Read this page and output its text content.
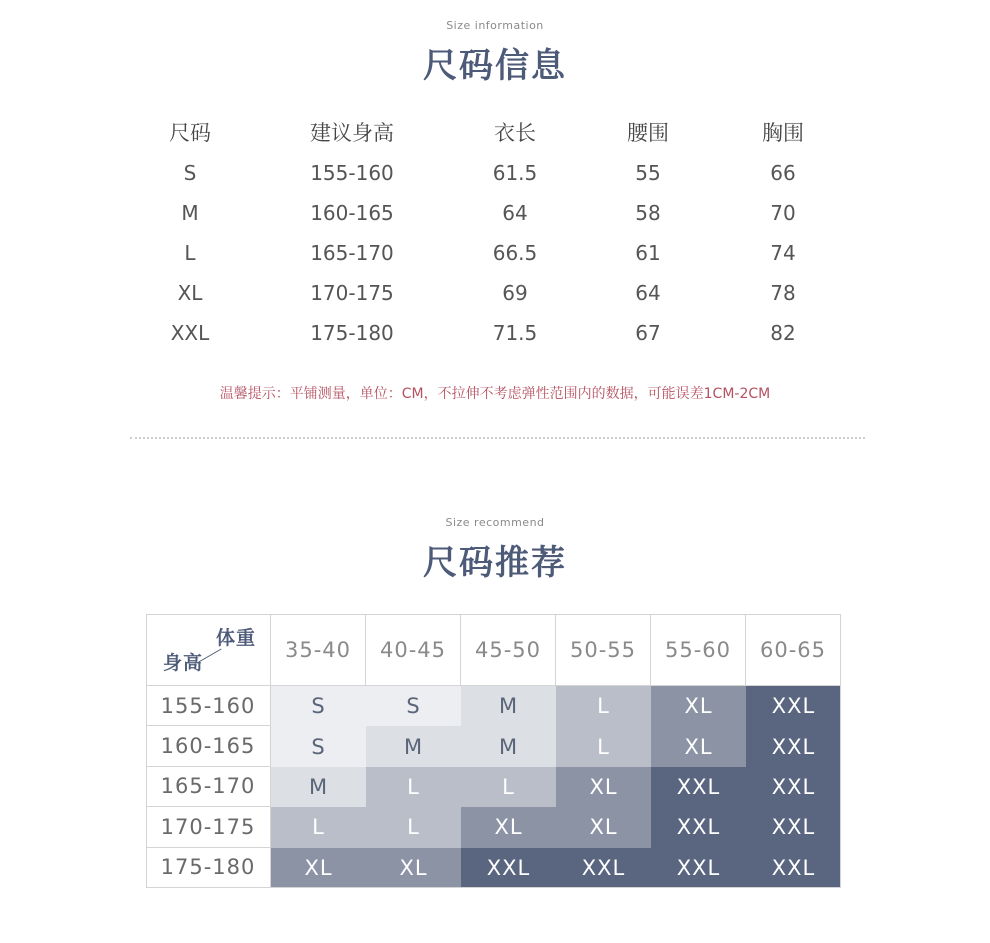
Size information
尺码信息
尺码	建议身高	衣长	腰围	胸围
S	155-160	61.5	55	66
M	160-165	64	58	70
L	165-170	66.5	61	74
XL	170-175	69	64	78
XXL	175-180	71.5	67	82
温馨提示：平铺测量，单位：CM，不拉伸不考虑弹性范围内的数据，可能误差1CM-2CM
Size recommend
尺码推荐
体重
身高
35-40	40-45	45-50	50-55	55-60	60-65
155-160	S	S	M	L	XL	XXL
160-165	S	M	M	L	XL	XXL
165-170	M	L	L	XL	XXL	XXL
170-175	L	L	XL	XL	XXL	XXL
175-180	XL	XL	XXL	XXL	XXL	XXL
